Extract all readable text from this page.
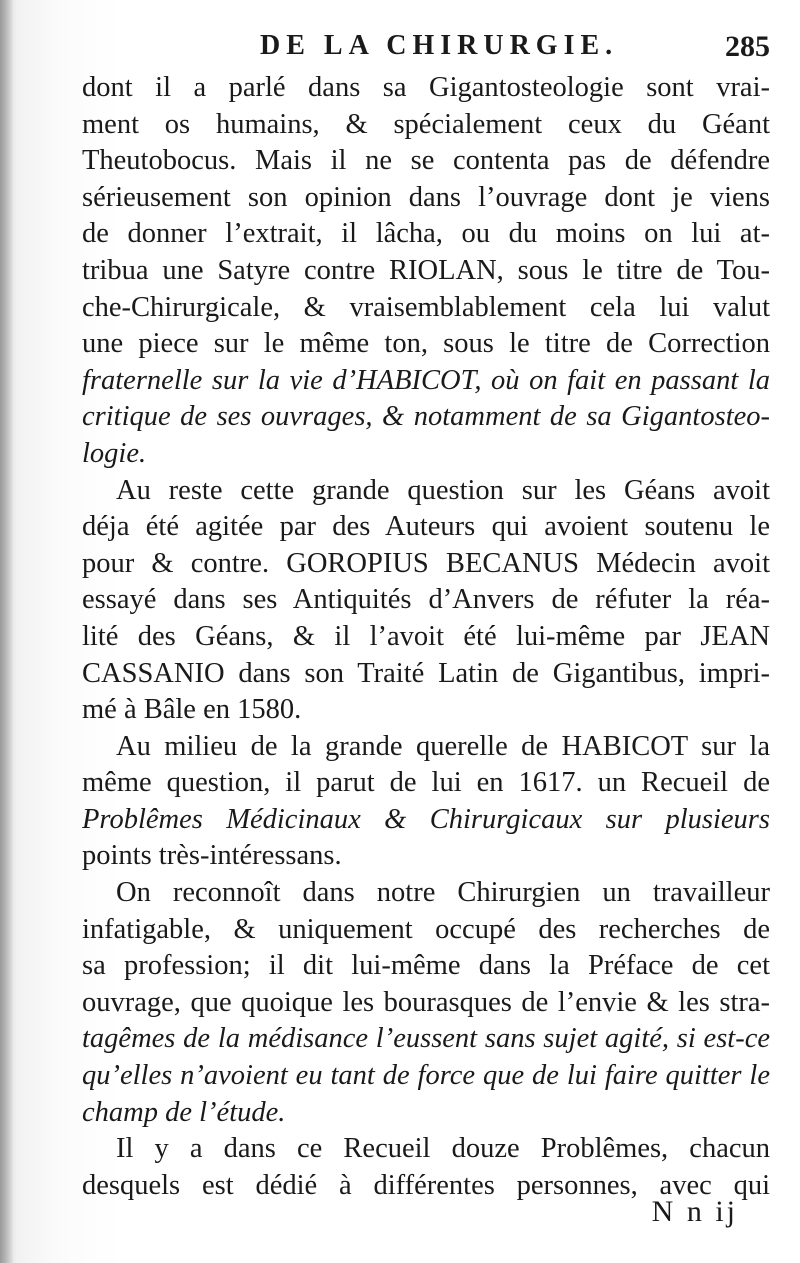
DE LA CHIRURGIE.	285
dont il a parlé dans sa Gigantosteologie sont vrai-
ment os humains, & spécialement ceux du Géant
Theutobocus. Mais il ne se contenta pas de défendre
sérieusement son opinion dans l’ouvrage dont je viens
de donner l’extrait, il lâcha, ou du moins on lui at-
tribua une Satyre contre RIOLAN, sous le titre de Tou-
che-Chirurgicale, & vraisemblablement cela lui valut
une piece sur le même ton, sous le titre de Correction
fraternelle sur la vie d’HABICOT, où on fait en passant la
critique de ses ouvrages, & notamment de sa Gigantosteo-
logie.
Au reste cette grande question sur les Géans avoit
déja été agitée par des Auteurs qui avoient soutenu le
pour & contre. GOROPIUS BECANUS Médecin avoit
essayé dans ses Antiquités d’Anvers de réfuter la réa-
lité des Géans, & il l’avoit été lui-même par JEAN
CASSANIO dans son Traité Latin de Gigantibus, impri-
mé à Bâle en 1580.
Au milieu de la grande querelle de HABICOT sur la
même question, il parut de lui en 1617. un Recueil de
Problêmes Médicinaux & Chirurgicaux sur plusieurs
points très-intéressans.
On reconnoît dans notre Chirurgien un travailleur
infatigable, & uniquement occupé des recherches de
sa profession; il dit lui-même dans la Préface de cet
ouvrage, que quoique les bourasques de l’envie & les stra-
tagêmes de la médisance l’eussent sans sujet agité, si est-ce
qu’elles n’avoient eu tant de force que de lui faire quitter le
champ de l’étude.
Il y a dans ce Recueil douze Problêmes, chacun
desquels est dédié à différentes personnes, avec qui
N n ij
